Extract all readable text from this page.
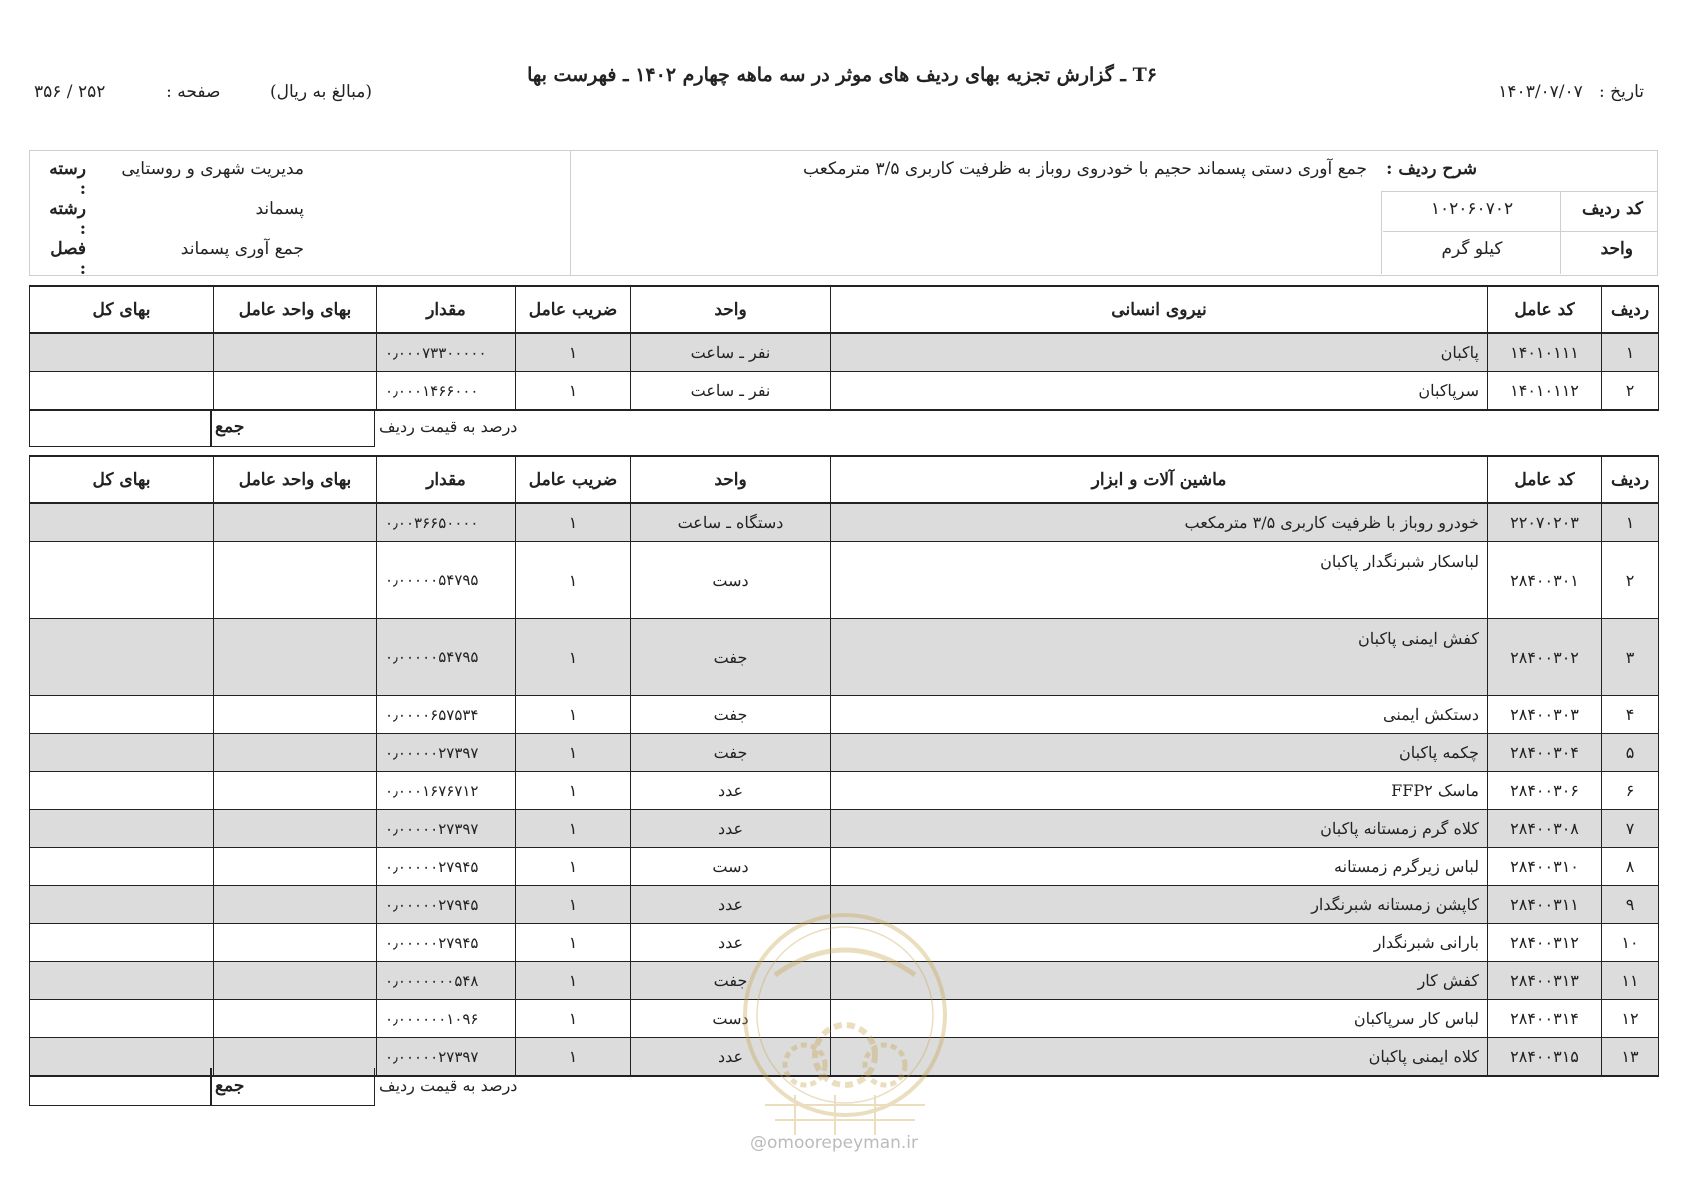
T۶ ـ گزارش تجزیه بهای ردیف های موثر در سه ماهه چهارم ۱۴۰۲ ـ فهرست بها
تاریخ :   ۱۴۰۳/۰۷/۰۷
(مبالغ به ریال)
صفحه :  ۲۵۲ / ۳۵۶
شرح ردیف :
جمع آوری دستی پسماند حجیم با خودروی روباز به ظرفیت کاربری ۳/۵ مترمکعب
کد ردیف
۱۰۲۰۶۰۷۰۲
واحد
کیلو گرم
رسته :
مدیریت شهری و روستایی
رشته :
پسماند
فصل :
جمع آوری پسماند
ردیف	کد عامل	نیروی انسانی	واحد	ضریب عامل	مقدار	بهای واحد عامل	بهای کل
۱	۱۴۰۱۰۱۱۱	پاکبان	نفر ـ ساعت	۱	۰٫۰۰۰۷۳۳۰۰۰۰۰		
۲	۱۴۰۱۰۱۱۲	سرپاکبان	نفر ـ ساعت	۱	۰٫۰۰۰۱۴۶۶۰۰۰		
جمع	درصد به قیمت ردیف
ردیف	کد عامل	ماشین آلات و ابزار	واحد	ضریب عامل	مقدار	بهای واحد عامل	بهای کل
۱	۲۲۰۷۰۲۰۳	خودرو روباز با ظرفیت کاربری ۳/۵ مترمکعب	دستگاه ـ ساعت	۱	۰٫۰۰۳۶۶۵۰۰۰۰		
۲	۲۸۴۰۰۳۰۱	لباسکار شبرنگدار پاکبان	دست	۱	۰٫۰۰۰۰۰۵۴۷۹۵		
۳	۲۸۴۰۰۳۰۲	کفش ایمنی پاکبان	جفت	۱	۰٫۰۰۰۰۰۵۴۷۹۵		
۴	۲۸۴۰۰۳۰۳	دستکش ایمنی	جفت	۱	۰٫۰۰۰۰۶۵۷۵۳۴		
۵	۲۸۴۰۰۳۰۴	چکمه پاکبان	جفت	۱	۰٫۰۰۰۰۰۲۷۳۹۷		
۶	۲۸۴۰۰۳۰۶	ماسک FFP۲	عدد	۱	۰٫۰۰۰۱۶۷۶۷۱۲		
۷	۲۸۴۰۰۳۰۸	کلاه گرم زمستانه پاکبان	عدد	۱	۰٫۰۰۰۰۰۲۷۳۹۷		
۸	۲۸۴۰۰۳۱۰	لباس زیرگرم زمستانه	دست	۱	۰٫۰۰۰۰۰۲۷۹۴۵		
۹	۲۸۴۰۰۳۱۱	کاپشن زمستانه شبرنگدار	عدد	۱	۰٫۰۰۰۰۰۲۷۹۴۵		
۱۰	۲۸۴۰۰۳۱۲	بارانی شبرنگدار	عدد	۱	۰٫۰۰۰۰۰۲۷۹۴۵		
۱۱	۲۸۴۰۰۳۱۳	کفش کار	جفت	۱	۰٫۰۰۰۰۰۰۰۵۴۸		
۱۲	۲۸۴۰۰۳۱۴	لباس کار سرپاکبان	دست	۱	۰٫۰۰۰۰۰۰۱۰۹۶		
۱۳	۲۸۴۰۰۳۱۵	کلاه ایمنی پاکبان	عدد	۱	۰٫۰۰۰۰۰۲۷۳۹۷		
جمع	درصد به قیمت ردیف
@omoorepeyman.ir
